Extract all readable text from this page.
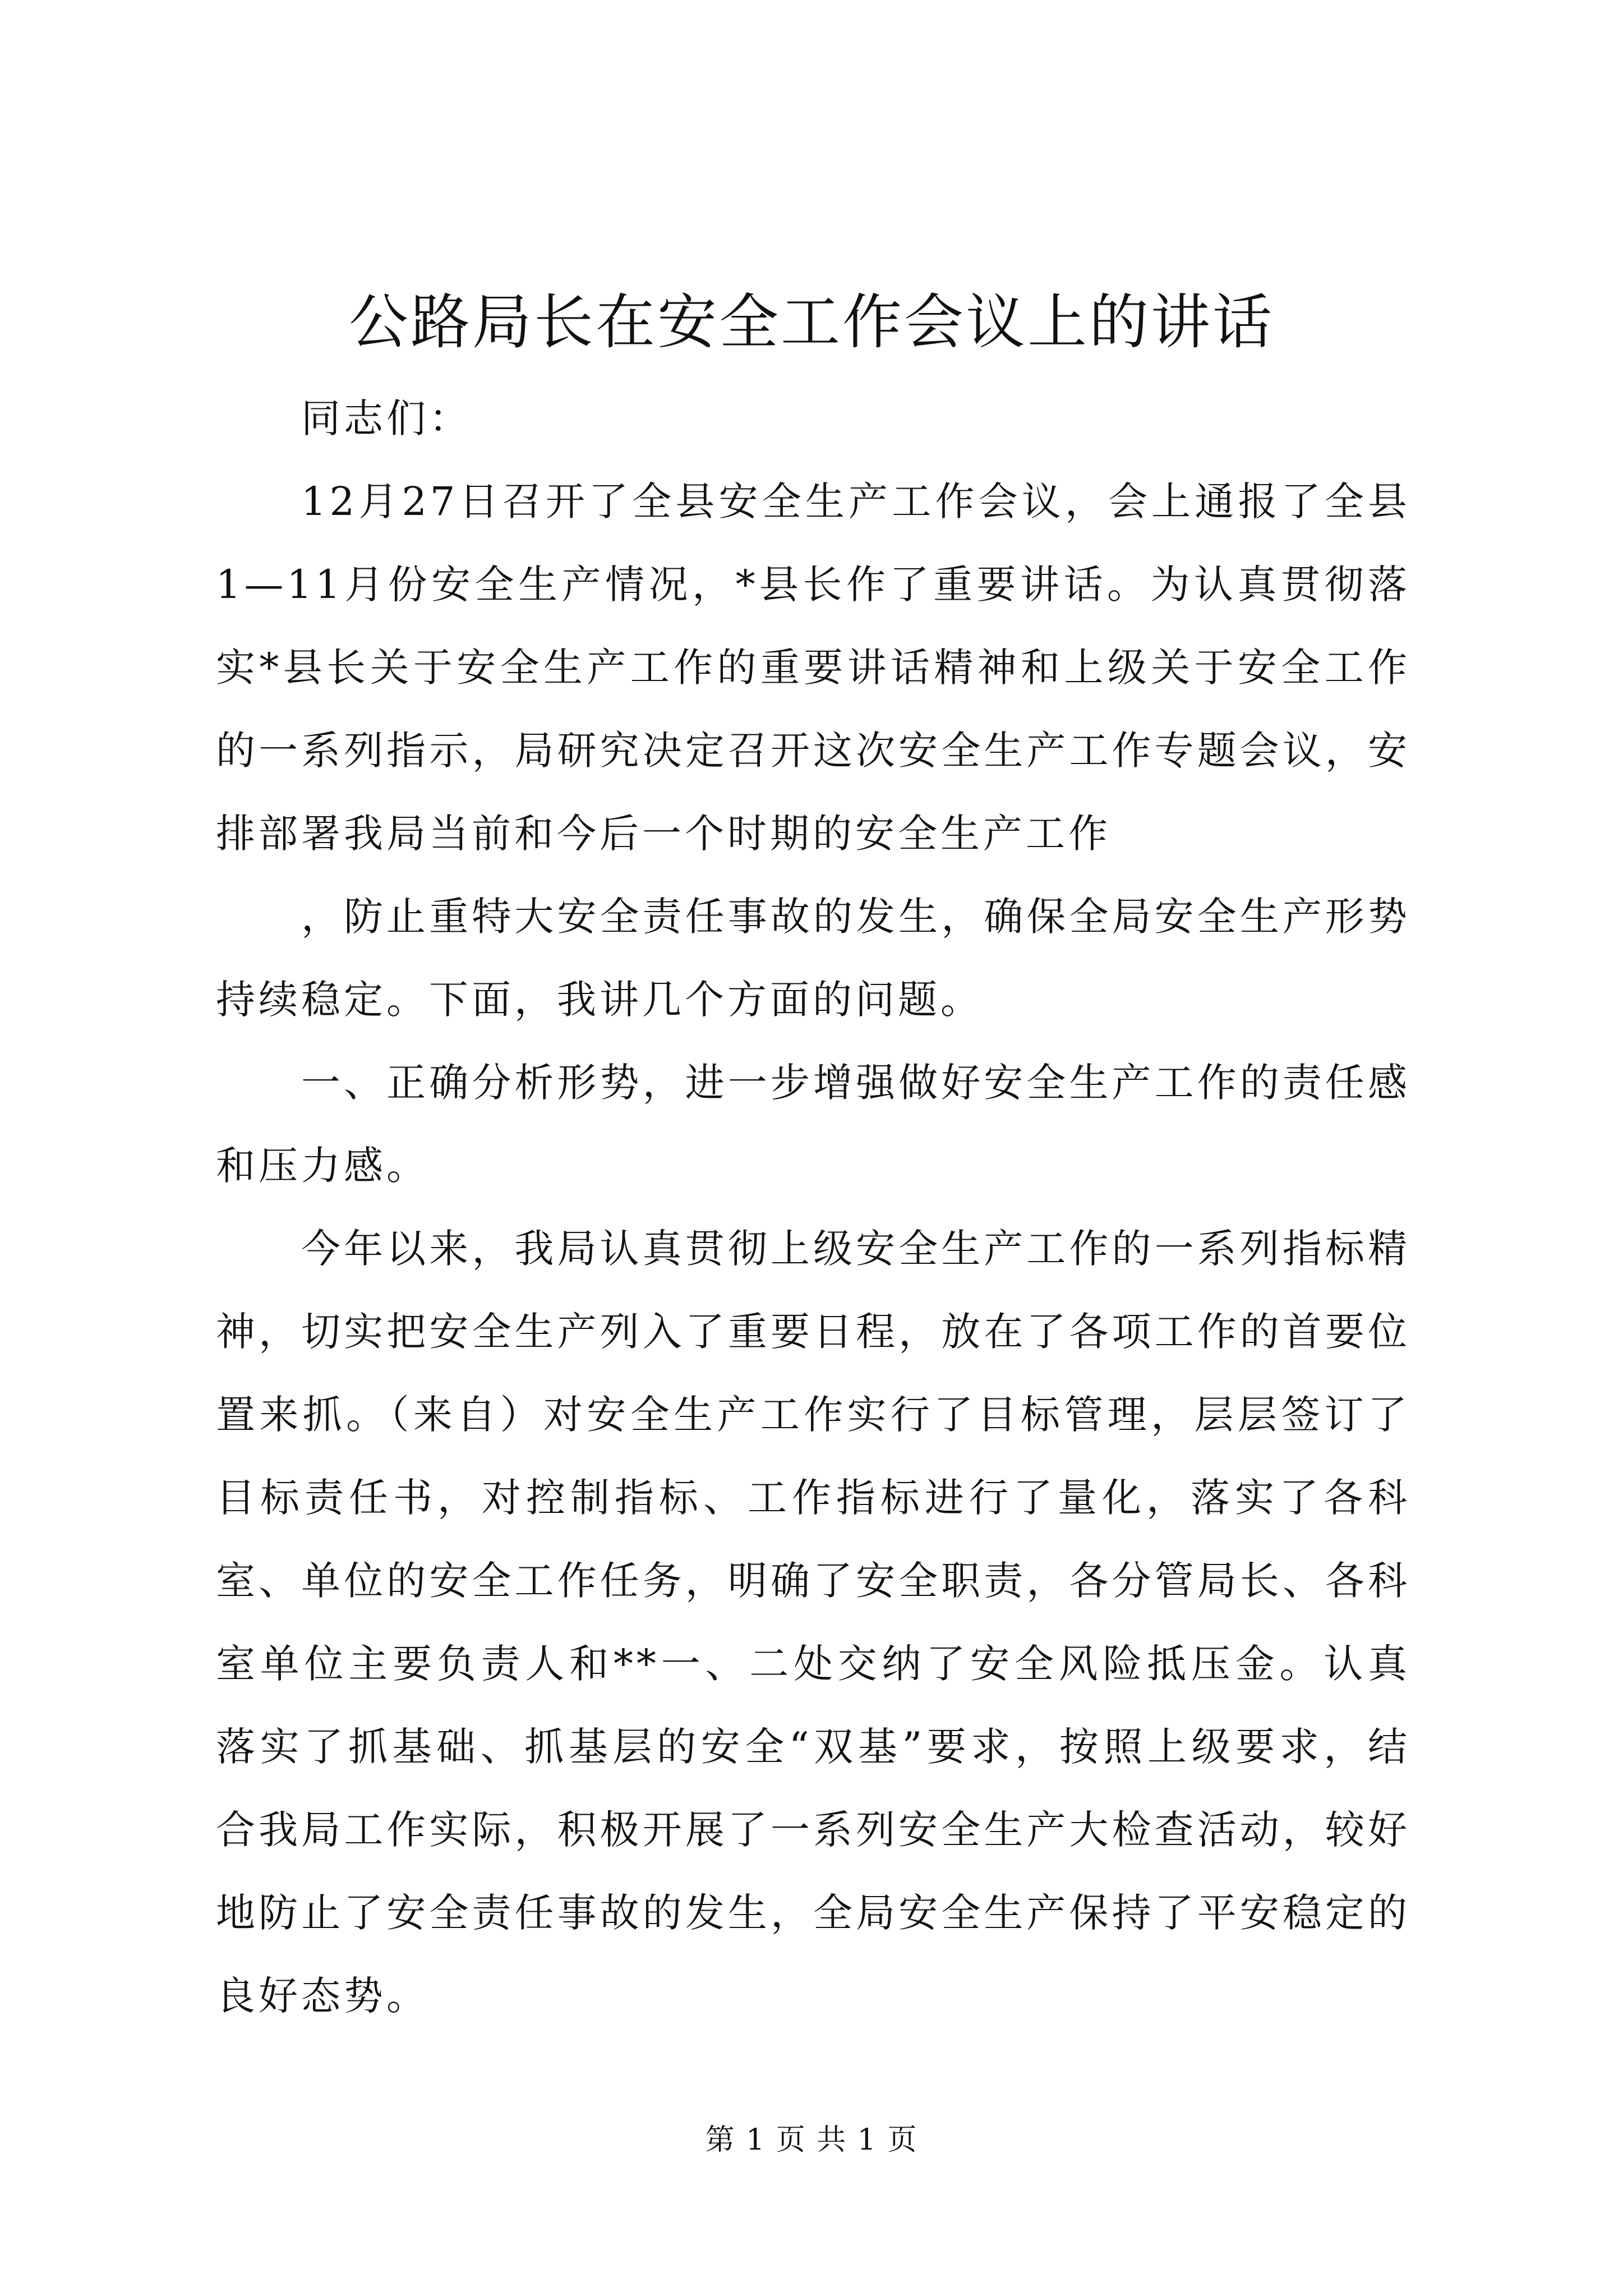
公路局长在安全工作会议上的讲话

同志们：

12月27日召开了全县安全生产工作会议，会上通报了全县1—11月份安全生产情况，*县长作了重要讲话。为认真贯彻落实*县长关于安全生产工作的重要讲话精神和上级关于安全工作的一系列指示，局研究决定召开这次安全生产工作专题会议，安排部署我局当前和今后一个时期的安全生产工作

，防止重特大安全责任事故的发生，确保全局安全生产形势持续稳定。下面，我讲几个方面的问题。

一、正确分析形势，进一步增强做好安全生产工作的责任感和压力感。

今年以来，我局认真贯彻上级安全生产工作的一系列指标精神，切实把安全生产列入了重要日程，放在了各项工作的首要位置来抓。（来自）对安全生产工作实行了目标管理，层层签订了目标责任书，对控制指标、工作指标进行了量化，落实了各科室、单位的安全工作任务，明确了安全职责，各分管局长、各科室单位主要负责人和**一、二处交纳了安全风险抵压金。认真落实了抓基础、抓基层的安全“双基”要求，按照上级要求，结合我局工作实际，积极开展了一系列安全生产大检查活动，较好地防止了安全责任事故的发生，全局安全生产保持了平安稳定的良好态势。

第 1 页 共 1 页
